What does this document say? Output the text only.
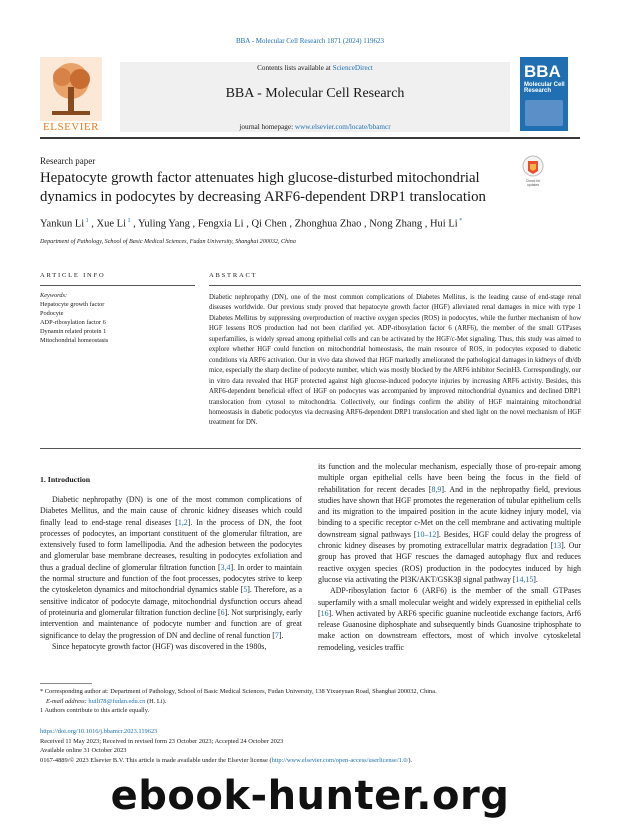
BBA - Molecular Cell Research 1871 (2024) 119623
ELSEVIER
Contents lists available at ScienceDirect
BBA - Molecular Cell Research
journal homepage: www.elsevier.com/locate/bbamcr
BBA
Molecular Cell Research
Research paper
Hepatocyte growth factor attenuates high glucose-disturbed mitochondrial dynamics in podocytes by decreasing ARF6-dependent DRP1 translocation
Check for
updates
Yankun Li $^1$ , Xue Li $^1$ , Yuling Yang , Fengxia Li , Qi Chen , Zhonghua Zhao , Nong Zhang , Hui Li *
Department of Pathology, School of Basic Medical Sciences, Fudan University, Shanghai 200032, China
ARTICLE INFO	ABSTRACT
Keywords:
Hepatocyte growth factor
Podocyte
ADP-ribosylation factor 6
Dynamin related protein 1
Mitochondrial homeostasis
Diabetic nephropathy (DN), one of the most common complications of Diabetes Mellitus, is the leading cause of end-stage renal diseases worldwide. Our previous study proved that hepatocyte growth factor (HGF) alleviated renal damages in mice with type 1 Diabetes Mellitus by suppressing overproduction of reactive oxygen species (ROS) in podocytes, while the further mechanism of how HGF lessens ROS production had not been clarified yet. ADP-ribosylation factor 6 (ARF6), the member of the small GTPases superfamilies, is widely spread among epithelial cells and can be activated by the HGF/c-Met signaling. Thus, this study was aimed to explore whether HGF could function on mitochondrial homeostasis, the main resource of ROS, in podocytes exposed to diabetic conditions via ARF6 activation. Our in vivo data showed that HGF markedly ameliorated the pathological damages in kidneys of db/db mice, especially the sharp decline of podocyte number, which was mostly blocked by the ARF6 inhibitor SecinH3. Correspondingly, our in vitro data revealed that HGF protected against high glucose-induced podocyte injuries by increasing ARF6 activity. Besides, this ARF6-dependent beneficial effect of HGF on podocytes was accompanied by improved mitochondrial dynamics and declined DRP1 translocation from cytosol to mitochondria. Collectively, our findings confirm the ability of HGF maintaining mitochondrial homeostasis in diabetic podocytes via decreasing ARF6-dependent DRP1 translocation and shed light on the novel mechanism of HGF treatment for DN.
1. Introduction

Diabetic nephropathy (DN) is one of the most common complications of Diabetes Mellitus, and the main cause of chronic kidney diseases which could finally lead to end-stage renal diseases [1,2]. In the process of DN, the foot processes of podocytes, an important constituent of the glomerular filtration, are extensively fused to form lamellipodia. And the adhesion between the podocytes and glomerular base membrane decreases, resulting in podocytes exfoliation and thus a gradual decline of glomerular filtration function [3,4]. In order to maintain the normal structure and function of the foot processes, podocytes strive to keep the cytoskeleton dynamics and mitochondrial dynamics stable [5]. Therefore, as a sensitive indicator of podocyte damage, mitochondrial dysfunction occurs ahead of proteinuria and glomerular filtration function decline [6]. Not surprisingly, early intervention and maintenance of podocyte number and function are of great significance to delay the progression of DN and decline of renal function [7].

Since hepatocyte growth factor (HGF) was discovered in the 1980s,

its function and the molecular mechanism, especially those of pro-repair among multiple organ epithelial cells have been being the focus in the field of rehabilitation for recent decades [8,9]. And in the nephropathy field, previous studies have shown that HGF promotes the regeneration of tubular epithelium cells and its migration to the impaired position in the acute kidney injury model, via binding to a specific receptor c-Met on the cell membrane and activating multiple downstream signal pathways [10–12]. Besides, HGF could delay the progress of chronic kidney diseases by promoting extracellular matrix degradation [13]. Our group has proved that HGF rescues the damaged autophagy flux and reduces reactive oxygen species (ROS) production in the podocytes induced by high glucose via activating the PI3K/AKT/GSK3β signal pathway [14,15].

ADP-ribosylation factor 6 (ARF6) is the member of the small GTPases superfamily with a small molecular weight and widely expressed in epithelial cells [16]. When activated by ARF6 specific guanine nucleotide exchange factors, Arf6 release Guanosine diphosphate and subsequently binds Guanosine triphosphate to make action on downstream effectors, most of which involve cytoskeletal remodeling, vesicles traffic

* Corresponding author at: Department of Pathology, School of Basic Medical Sciences, Fudan University, 138 Yixueyuan Road, Shanghai 200032, China.

E-mail address: huili78@fudan.edu.cn (H. Li).

1 Authors contribute to this article equally.

https://doi.org/10.1016/j.bbamcr.2023.119623

Received 11 May 2023; Received in revised form 23 October 2023; Accepted 24 October 2023

Available online 31 October 2023

0167-4889/© 2023 Elsevier B.V. This article is made available under the Elsevier license (http://www.elsevier.com/open-access/userlicense/1.0/).

ebook-hunter.org
